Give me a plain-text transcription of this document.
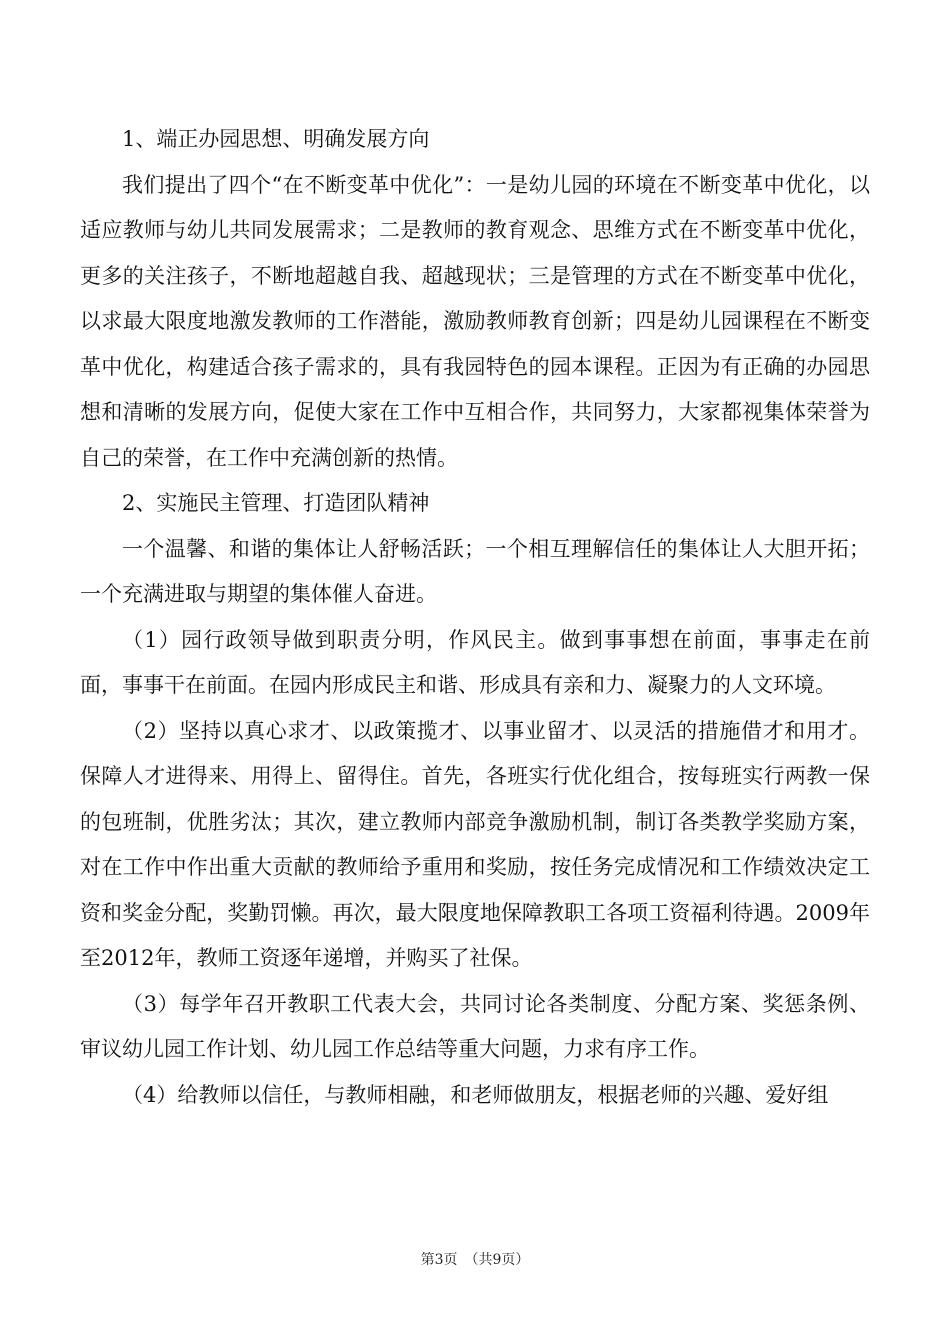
1、端正办园思想、明确发展方向

我们提出了四个“在不断变革中优化”：一是幼儿园的环境在不断变革中优化，以适应教师与幼儿共同发展需求；二是教师的教育观念、思维方式在不断变革中优化，更多的关注孩子，不断地超越自我、超越现状；三是管理的方式在不断变革中优化，以求最大限度地激发教师的工作潜能，激励教师教育创新；四是幼儿园课程在不断变革中优化，构建适合孩子需求的，具有我园特色的园本课程。正因为有正确的办园思想和清晰的发展方向，促使大家在工作中互相合作，共同努力，大家都视集体荣誉为自己的荣誉，在工作中充满创新的热情。

2、实施民主管理、打造团队精神

一个温馨、和谐的集体让人舒畅活跃；一个相互理解信任的集体让人大胆开拓；一个充满进取与期望的集体催人奋进。

（1）园行政领导做到职责分明，作风民主。做到事事想在前面，事事走在前面，事事干在前面。在园内形成民主和谐、形成具有亲和力、凝聚力的人文环境。

（2）坚持以真心求才、以政策揽才、以事业留才、以灵活的措施借才和用才。保障人才进得来、用得上、留得住。首先，各班实行优化组合，按每班实行两教一保的包班制，优胜劣汰；其次，建立教师内部竞争激励机制，制订各类教学奖励方案，对在工作中作出重大贡献的教师给予重用和奖励，按任务完成情况和工作绩效决定工资和奖金分配，奖勤罚懒。再次，最大限度地保障教职工各项工资福利待遇。2009年至2012年，教师工资逐年递增，并购买了社保。

（3）每学年召开教职工代表大会，共同讨论各类制度、分配方案、奖惩条例、审议幼儿园工作计划、幼儿园工作总结等重大问题，力求有序工作。

（4）给教师以信任，与教师相融，和老师做朋友，根据老师的兴趣、爱好组

第3页　（共9页）
